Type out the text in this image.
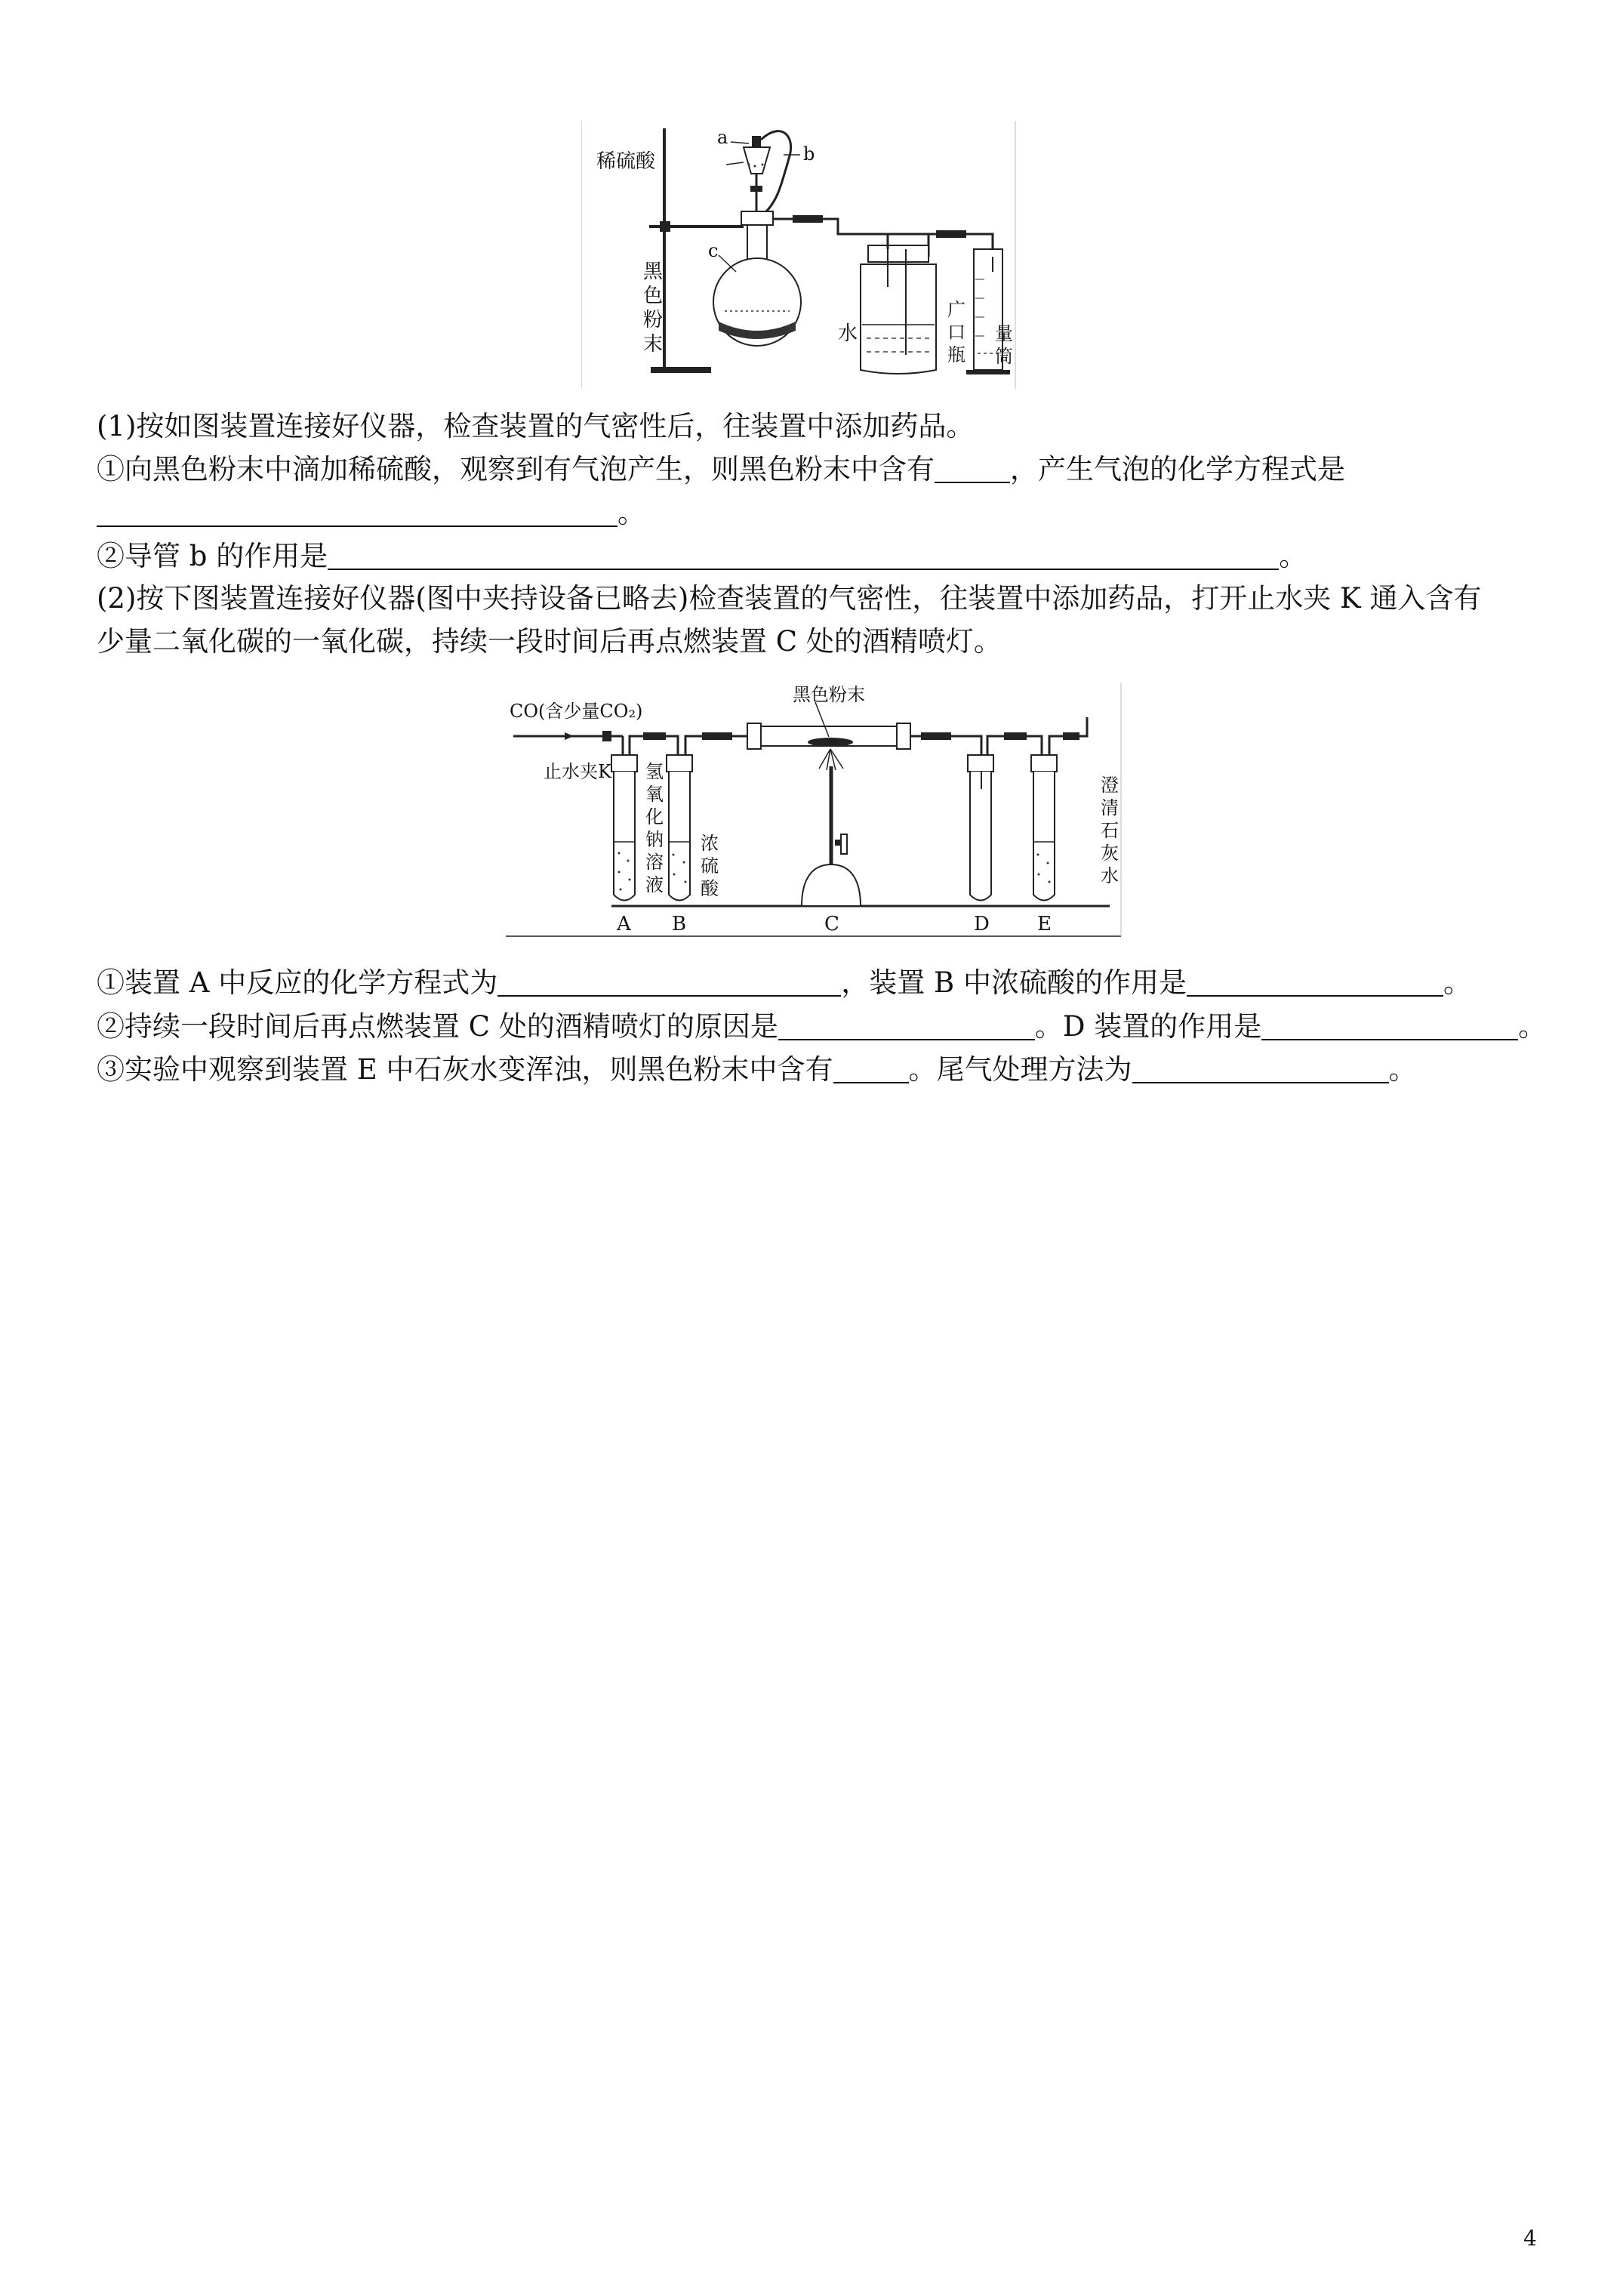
稀硫酸
a
b
c
黑
色
粉
末	水
广
口
瓶
量
筒
(1)按如图装置连接好仪器，检查装置的气密性后，往装置中添加药品。
①向黑色粉末中滴加稀硫酸，观察到有气泡产生，则黑色粉末中含有	，产生气泡的化学方程式是
。
②导管 b 的作用是	。
(2)按下图装置连接好仪器(图中夹持设备已略去)检查装置的气密性，往装置中添加药品，打开止水夹 K 通入含有
少量二氧化碳的一氧化碳，持续一段时间后再点燃装置 C 处的酒精喷灯。
CO(含少量CO₂)
止水夹K 氢
氧
化
钠
溶
液
浓
硫
酸
黑色粉末
澄
清
石
灰
水
A B	C	D E
①装置 A 中反应的化学方程式为	，装置 B 中浓硫酸的作用是	。
②持续一段时间后再点燃装置 C 处的酒精喷灯的原因是	。D 装置的作用是	。
③实验中观察到装置 E 中石灰水变浑浊，则黑色粉末中含有	。尾气处理方法为	。
4
